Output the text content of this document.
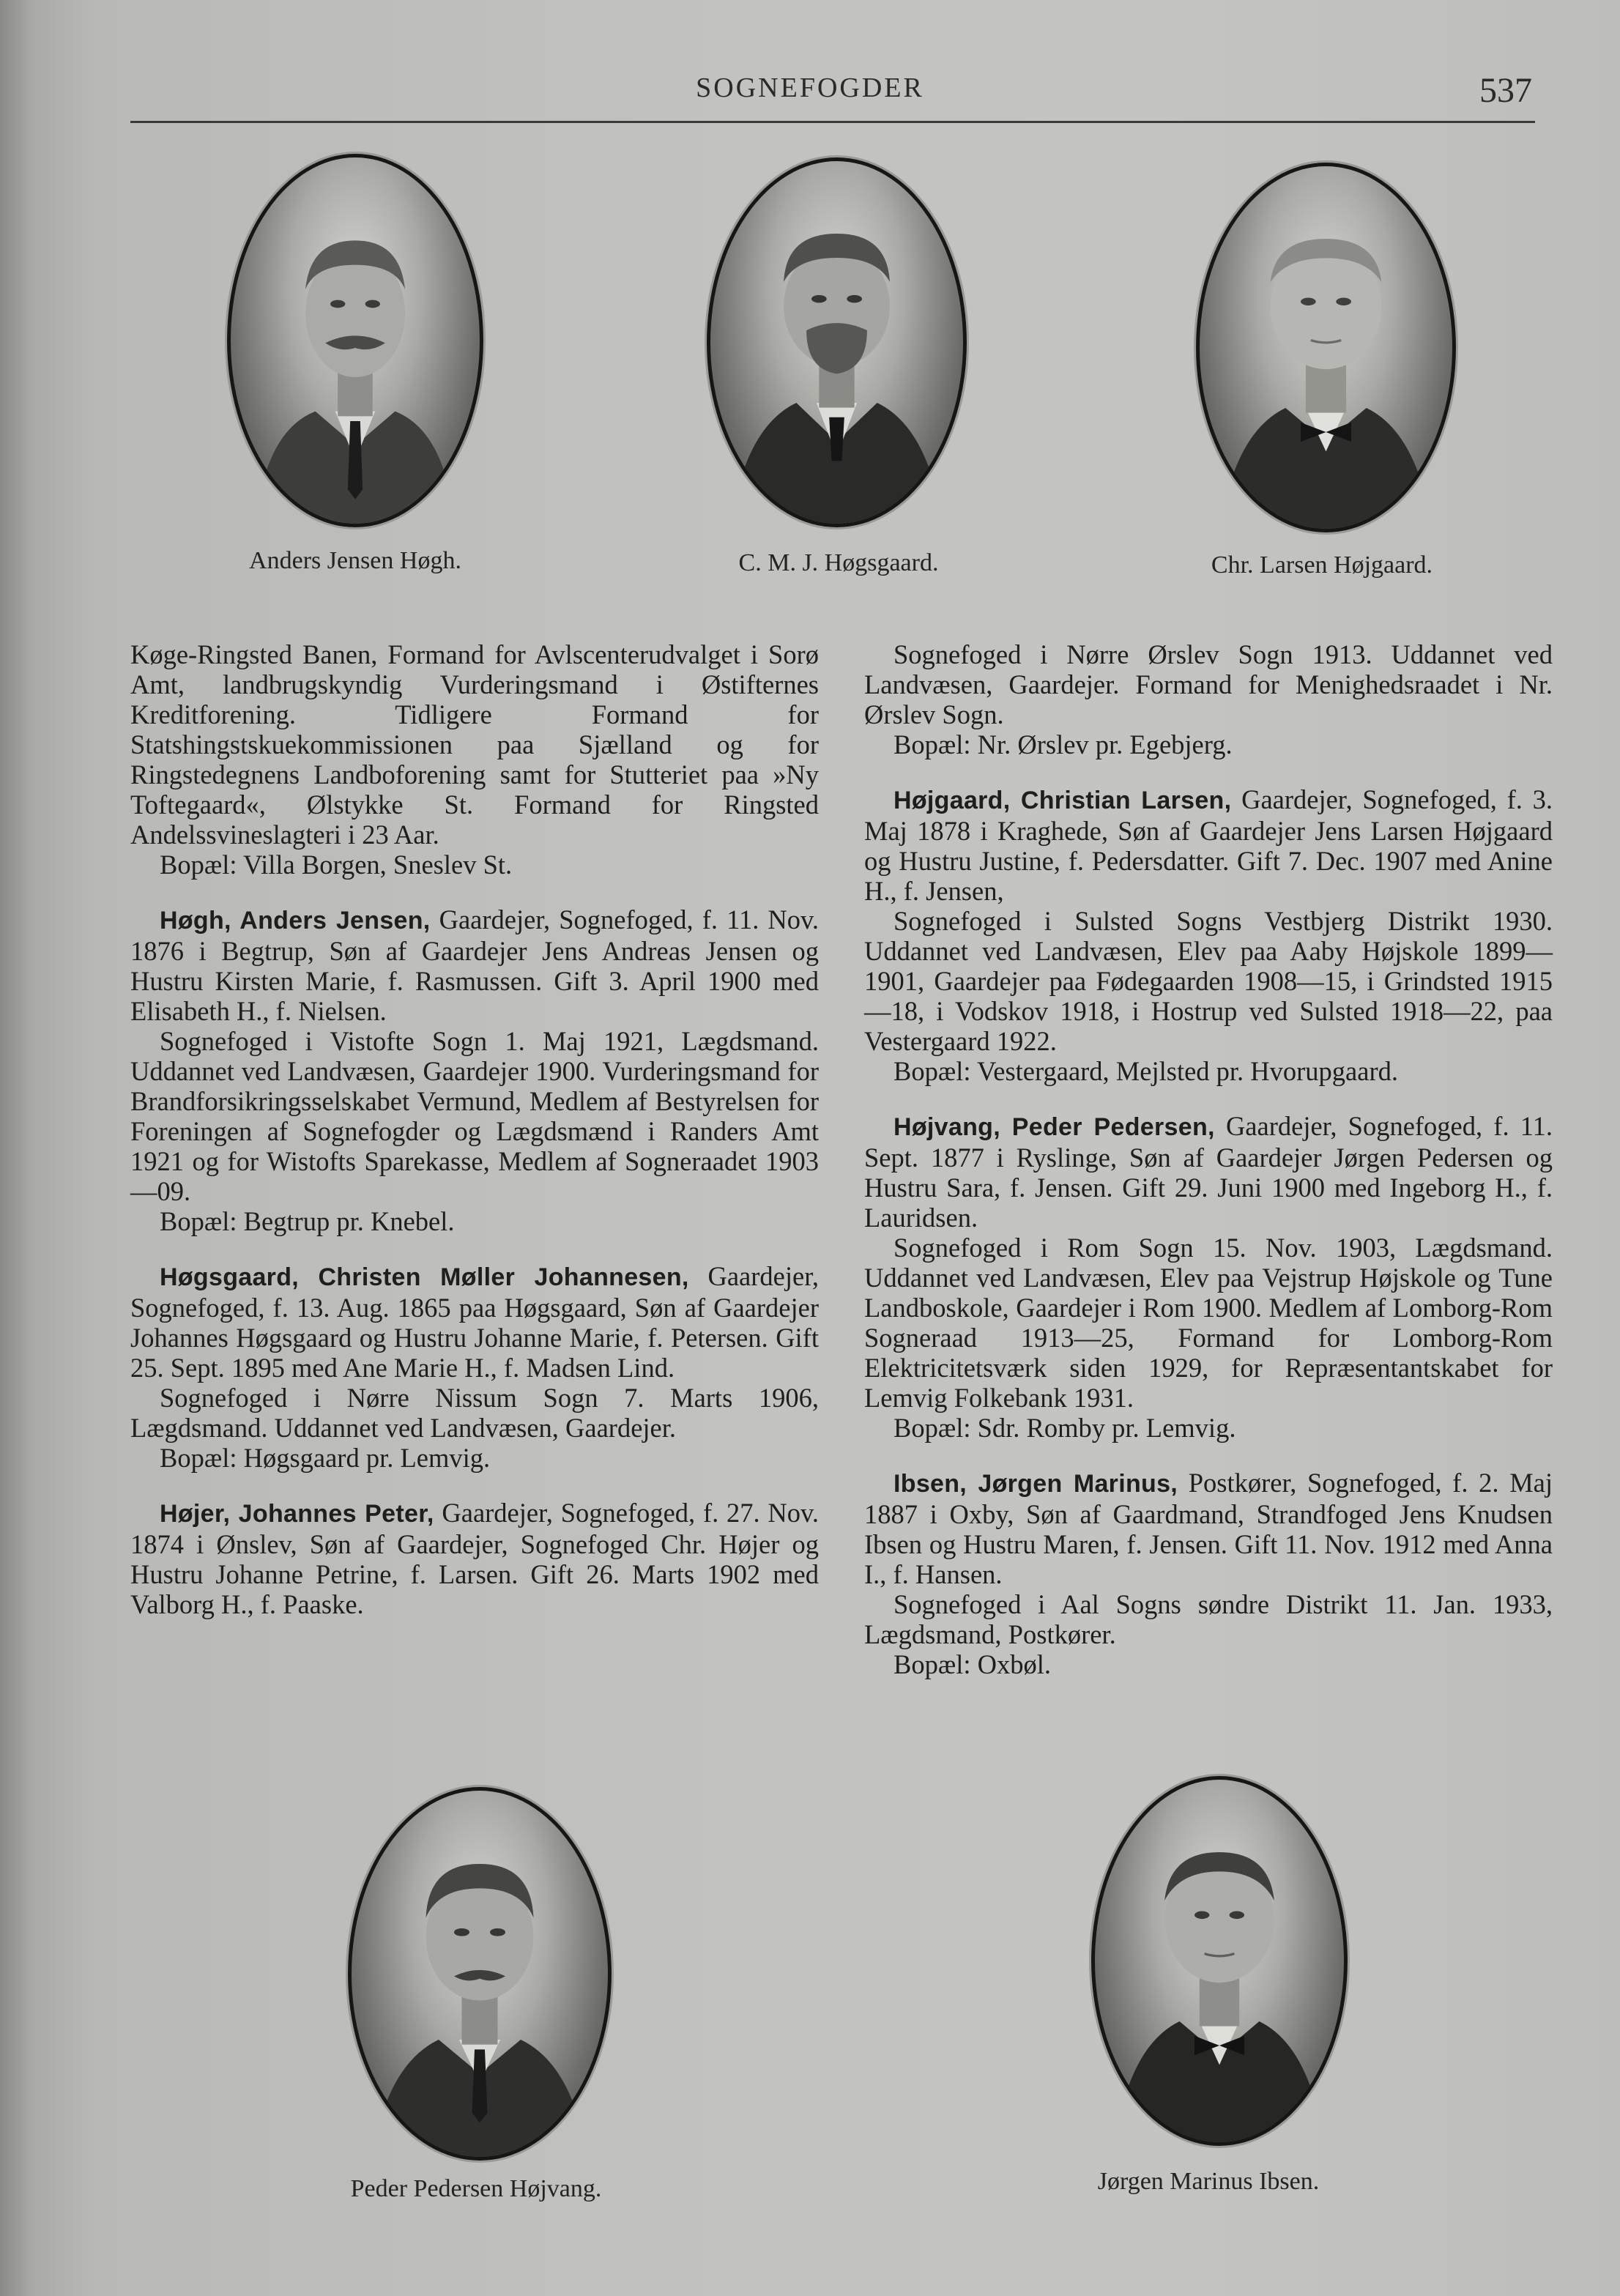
SOGNEFOGDER	537
Anders Jensen Høgh.	C. M. J. Høgsgaard.	Chr. Larsen Højgaard.

Køge-Ringsted Banen, Formand for Avlscenterudvalget i Sorø Amt, landbrugskyndig Vurderingsmand i Østifternes Kreditforening. Tidligere Formand for Statshingstskuekommissionen paa Sjælland og for Ringstedegnens Landboforening samt for Stutteriet paa »Ny Toftegaard«, Ølstykke St. Formand for Ringsted Andelssvineslagteri i 23 Aar.

Bopæl: Villa Borgen, Sneslev St.

Høgh, Anders Jensen, Gaardejer, Sognefoged, f. 11. Nov. 1876 i Begtrup, Søn af Gaardejer Jens Andreas Jensen og Hustru Kirsten Marie, f. Rasmussen. Gift 3. April 1900 med Elisabeth H., f. Nielsen.

Sognefoged i Vistofte Sogn 1. Maj 1921, Lægdsmand. Uddannet ved Landvæsen, Gaardejer 1900. Vurderingsmand for Brandforsikringsselskabet Vermund, Medlem af Bestyrelsen for Foreningen af Sognefogder og Lægdsmænd i Randers Amt 1921 og for Wistofts Sparekasse, Medlem af Sogneraadet 1903—09.

Bopæl: Begtrup pr. Knebel.

Høgsgaard, Christen Møller Johannesen, Gaardejer, Sognefoged, f. 13. Aug. 1865 paa Høgsgaard, Søn af Gaardejer Johannes Høgsgaard og Hustru Johanne Marie, f. Petersen. Gift 25. Sept. 1895 med Ane Marie H., f. Madsen Lind.

Sognefoged i Nørre Nissum Sogn 7. Marts 1906, Lægdsmand. Uddannet ved Landvæsen, Gaardejer.

Bopæl: Høgsgaard pr. Lemvig.

Højer, Johannes Peter, Gaardejer, Sognefoged, f. 27. Nov. 1874 i Ønslev, Søn af Gaardejer, Sognefoged Chr. Højer og Hustru Johanne Petrine, f. Larsen. Gift 26. Marts 1902 med Valborg H., f. Paaske.

Sognefoged i Nørre Ørslev Sogn 1913. Uddannet ved Landvæsen, Gaardejer. Formand for Menighedsraadet i Nr. Ørslev Sogn.

Bopæl: Nr. Ørslev pr. Egebjerg.

Højgaard, Christian Larsen, Gaardejer, Sognefoged, f. 3. Maj 1878 i Kraghede, Søn af Gaardejer Jens Larsen Højgaard og Hustru Justine, f. Pedersdatter. Gift 7. Dec. 1907 med Anine H., f. Jensen,

Sognefoged i Sulsted Sogns Vestbjerg Distrikt 1930. Uddannet ved Landvæsen, Elev paa Aaby Højskole 1899—1901, Gaardejer paa Fødegaarden 1908—15, i Grindsted 1915—18, i Vodskov 1918, i Hostrup ved Sulsted 1918—22, paa Vestergaard 1922.

Bopæl: Vestergaard, Mejlsted pr. Hvorupgaard.

Højvang, Peder Pedersen, Gaardejer, Sognefoged, f. 11. Sept. 1877 i Ryslinge, Søn af Gaardejer Jørgen Pedersen og Hustru Sara, f. Jensen. Gift 29. Juni 1900 med Ingeborg H., f. Lauridsen.

Sognefoged i Rom Sogn 15. Nov. 1903, Lægdsmand. Uddannet ved Landvæsen, Elev paa Vejstrup Højskole og Tune Landboskole, Gaardejer i Rom 1900. Medlem af Lomborg-Rom Sogneraad 1913—25, Formand for Lomborg-Rom Elektricitetsværk siden 1929, for Repræsentantskabet for Lemvig Folkebank 1931.

Bopæl: Sdr. Romby pr. Lemvig.

Ibsen, Jørgen Marinus, Postkører, Sognefoged, f. 2. Maj 1887 i Oxby, Søn af Gaardmand, Strandfoged Jens Knudsen Ibsen og Hustru Maren, f. Jensen. Gift 11. Nov. 1912 med Anna I., f. Hansen.

Sognefoged i Aal Sogns søndre Distrikt 11. Jan. 1933, Lægdsmand, Postkører.

Bopæl: Oxbøl.

Peder Pedersen Højvang.	Jørgen Marinus Ibsen.
